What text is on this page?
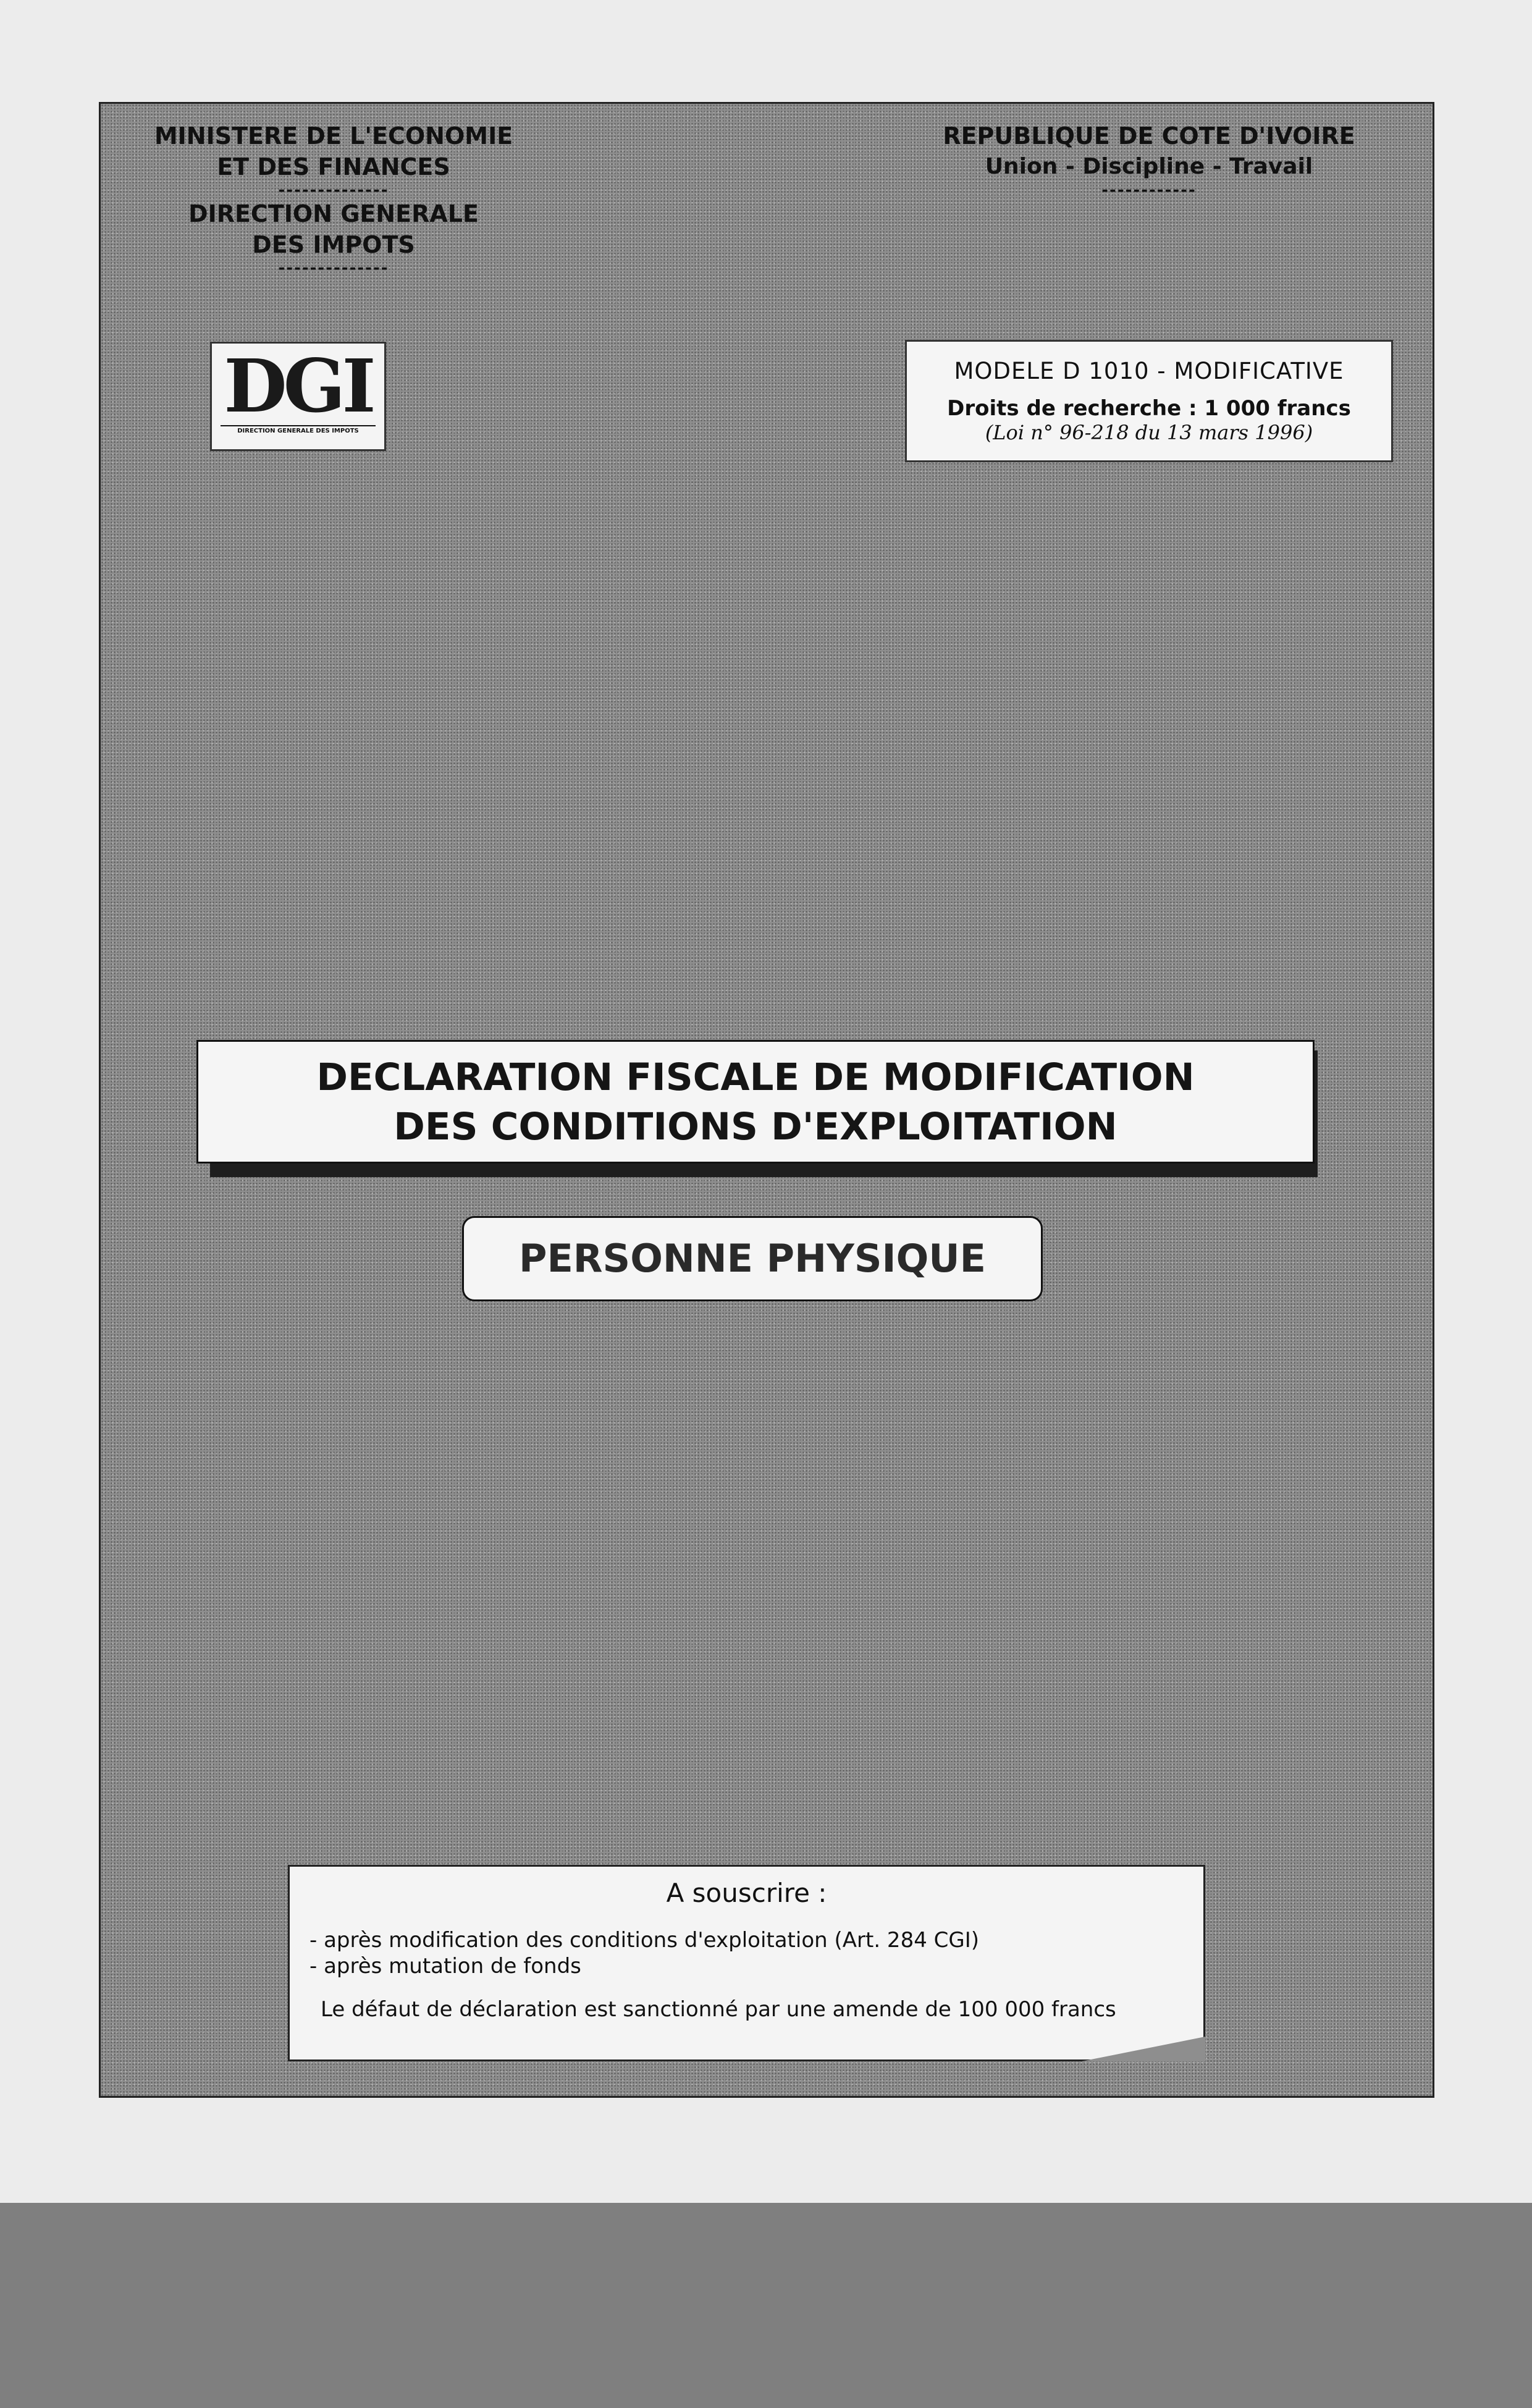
MINISTERE DE L'ECONOMIE
ET DES FINANCES
--------------
DIRECTION GENERALE
DES IMPOTS
--------------
REPUBLIQUE DE COTE D'IVOIRE
Union - Discipline - Travail
------------
DGI
DIRECTION GENERALE DES IMPOTS
MODELE D 1010 - MODIFICATIVE
Droits de recherche : 1 000 francs
(Loi n° 96-218 du 13 mars 1996)
DECLARATION FISCALE DE MODIFICATION
DES CONDITIONS D'EXPLOITATION
PERSONNE PHYSIQUE
A souscrire :
- après modification des conditions d'exploitation (Art. 284 CGI)
- après mutation de fonds
Le défaut de déclaration est sanctionné par une amende de 100 000 francs
